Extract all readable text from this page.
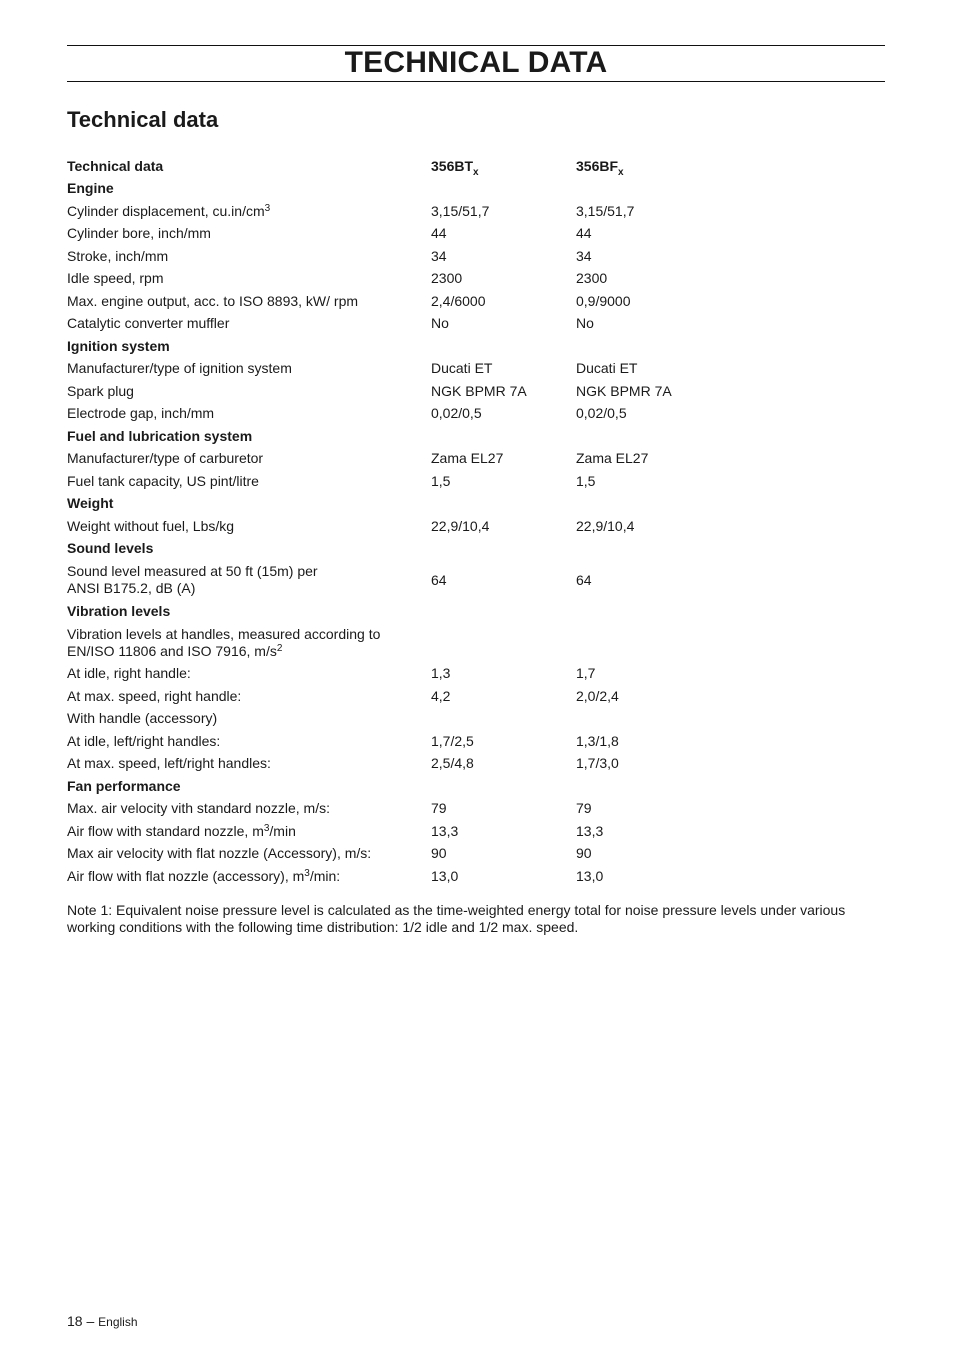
TECHNICAL DATA
Technical data
Technical data	$356BT_x$	$356BF_x$
Engine		
Cylinder displacement, $cu.in/cm^3$	3,15/51,7	3,15/51,7
Cylinder bore, inch/mm	44	44
Stroke, inch/mm	34	34
Idle speed, rpm	2300	2300
Max. engine output, acc. to ISO 8893, kW/ rpm	2,4/6000	0,9/9000
Catalytic converter muffler	No	No
Ignition system		
Manufacturer/type of ignition system	Ducati ET	Ducati ET
Spark plug	NGK BPMR 7A	NGK BPMR 7A
Electrode gap, inch/mm	0,02/0,5	0,02/0,5
Fuel and lubrication system		
Manufacturer/type of carburetor	Zama EL27	Zama EL27
Fuel tank capacity, US pint/litre	1,5	1,5
Weight		
Weight without fuel, Lbs/kg	22,9/10,4	22,9/10,4
Sound levels		
Sound level measured at 50 ft (15m) per
ANSI B175.2, dB (A)	64	64
Vibration levels		
Vibration levels at handles, measured according to
EN/ISO 11806 and ISO 7916, $m/s^2$		
At idle, right handle:	1,3	1,7
At max. speed, right handle:	4,2	2,0/2,4
With handle (accessory)		
At idle, left/right handles:	1,7/2,5	1,3/1,8
At max. speed, left/right handles:	2,5/4,8	1,7/3,0
Fan performance		
Max. air velocity vith standard nozzle, m/s:	79	79
Air flow with standard nozzle, $m^3/\min$	13,3	13,3
Max air velocity with flat nozzle (Accessory), m/s:	90	90
Air flow with flat nozzle (accessory), $m^3/\min$:	13,0	13,0
Note 1: Equivalent noise pressure level is calculated as the time-weighted energy total for noise pressure levels under various working conditions with the following time distribution: 1/2 idle and 1/2 max. speed.
18 – English
